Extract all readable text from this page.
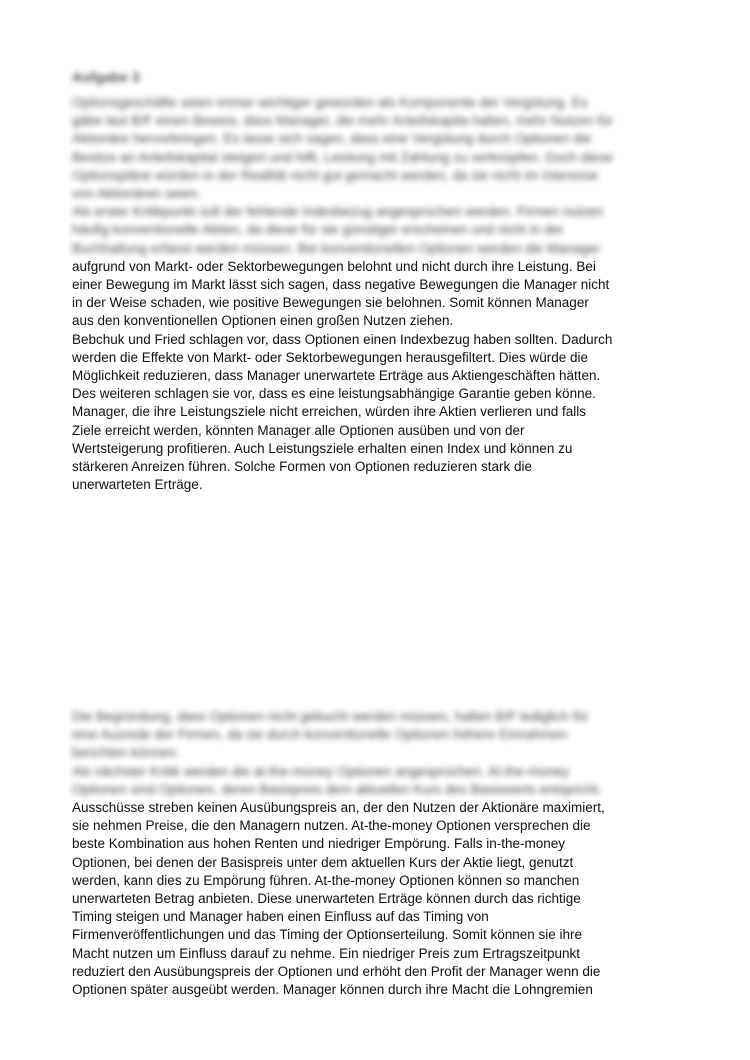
Aufgabe 3

Optionsgeschäfte seien immer wichtiger geworden als Komponente der Vergütung. Es
gäbe laut B/F einen Beweis, dass Manager, die mehr Anteilskapita halten, mehr Nutzen für
Aktionäre hervorbringen. Es lasse sich sagen, dass eine Vergütung durch Optionen die
Besitze an Anteilskapital steigert und hilft, Leistung mit Zahlung zu verknüpfen. Doch diese
Optionspläne würden in der Realität nicht gut gemacht werden, da sie nicht im Interesse
von Aktionären seien.
Als erster Kritikpunkt soll der fehlende Indexbezug angesprochen werden. Firmen nutzen
häufig konventionelle Aktien, da diese für sie günstiger erscheinen und nicht in der
Buchhaltung erfasst werden müssen. Bei konventionellen Optionen werden die Manager

aufgrund von Markt- oder Sektorbewegungen belohnt und nicht durch ihre Leistung. Bei
einer Bewegung im Markt lässt sich sagen, dass negative Bewegungen die Manager nicht
in der Weise schaden, wie positive Bewegungen sie belohnen. Somit können Manager
aus den konventionellen Optionen einen großen Nutzen ziehen.
Bebchuk und Fried schlagen vor, dass Optionen einen Indexbezug haben sollten. Dadurch
werden die Effekte von Markt- oder Sektorbewegungen herausgefiltert. Dies würde die
Möglichkeit reduzieren, dass Manager unerwartete Erträge aus Aktiengeschäften hätten.
Des weiteren schlagen sie vor, dass es eine leistungsabhängige Garantie geben könne.
Manager, die ihre Leistungsziele nicht erreichen, würden ihre Aktien verlieren und falls
Ziele erreicht werden, könnten Manager alle Optionen ausüben und von der
Wertsteigerung profitieren. Auch Leistungsziele erhalten einen Index und können zu
stärkeren Anreizen führen. Solche Formen von Optionen reduzieren stark die
unerwarteten Erträge.

Die Begründung, dass Optionen nicht gebucht werden müssen, halten B/F lediglich für
eine Ausrede der Firmen, da sie durch konventionelle Optionen höhere Einnahmen
berichten können.
Als nächster Kritik werden die at-the-money Optionen angesprochen. At-the-money
Optionen sind Optionen, deren Basispreis dem aktuellen Kurs des Basiswerts entspricht.

Ausschüsse streben keinen Ausübungspreis an, der den Nutzen der Aktionäre maximiert,
sie nehmen Preise, die den Managern nutzen. At-the-money Optionen versprechen die
beste Kombination aus hohen Renten und niedriger Empörung. Falls in-the-money
Optionen, bei denen der Basispreis unter dem aktuellen Kurs der Aktie liegt, genutzt
werden, kann dies zu Empörung führen. At-the-money Optionen können so manchen
unerwarteten Betrag anbieten. Diese unerwarteten Erträge können durch das richtige
Timing steigen und Manager haben einen Einfluss auf das Timing von
Firmenveröffentlichungen und das Timing der Optionserteilung. Somit können sie ihre
Macht nutzen um Einfluss darauf zu nehme. Ein niedriger Preis zum Ertragszeitpunkt
reduziert den Ausübungspreis der Optionen und erhöht den Profit der Manager wenn die
Optionen später ausgeübt werden. Manager können durch ihre Macht die Lohngremien
